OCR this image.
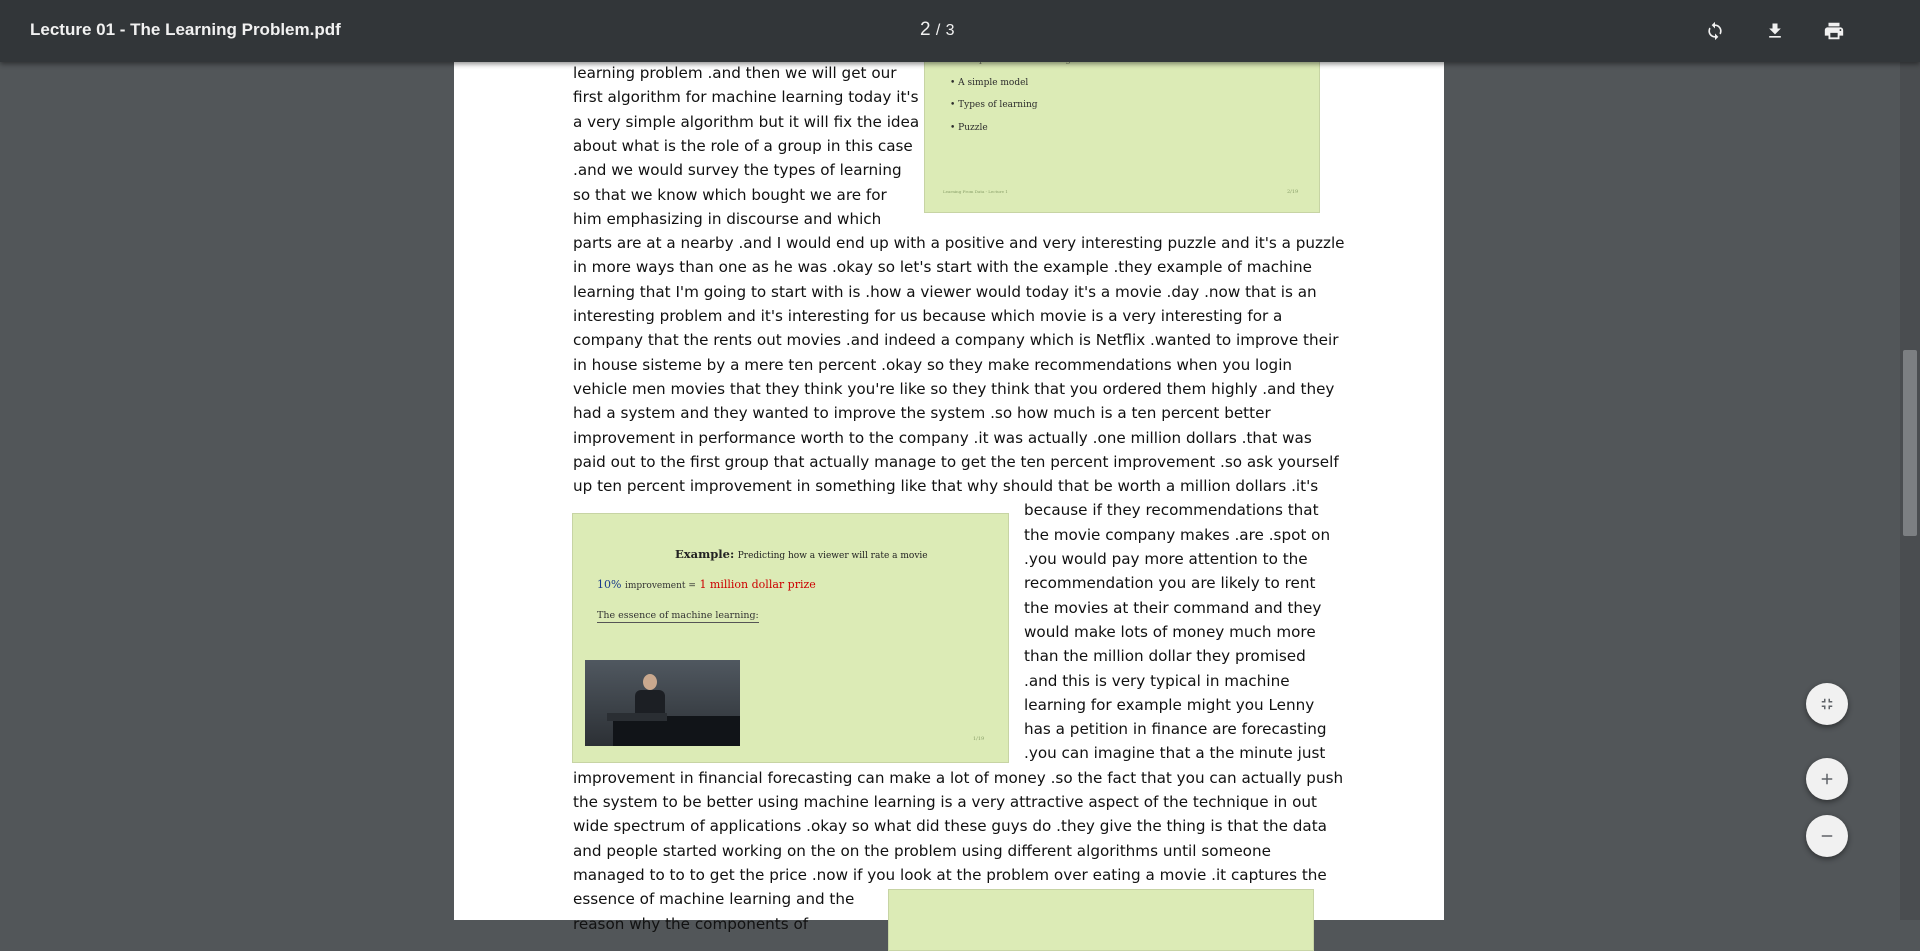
• A simple model
• Types of learning
• Puzzle
Learning From Data - Lecture 1	2/19
Example: Predicting how a viewer will rate a movie
10% improvement = 1 million dollar prize
The essence of machine learning:
1/19
learning problem .and then we will get our
first algorithm for machine learning today it's
a very simple algorithm but it will fix the idea
about what is the role of a group in this case
.and we would survey the types of learning
so that we know which bought we are for
him emphasizing in discourse and which
parts are at a nearby .and I would end up with a positive and very interesting puzzle and it's a puzzle
in more ways than one as he was .okay so let's start with the example .they example of machine
learning that I'm going to start with is .how a viewer would today it's a movie .day .now that is an
interesting problem and it's interesting for us because which movie is a very interesting for a
company that the rents out movies .and indeed a company which is Netflix .wanted to improve their
in house sisteme by a mere ten percent .okay so they make recommendations when you login
vehicle men movies that they think you're like so they think that you ordered them highly .and they
had a system and they wanted to improve the system .so how much is a ten percent better
improvement in performance worth to the company .it was actually .one million dollars .that was
paid out to the first group that actually manage to get the ten percent improvement .so ask yourself
up ten percent improvement in something like that why should that be worth a million dollars .it's
because if they recommendations that
the movie company makes .are .spot on
.you would pay more attention to the
recommendation you are likely to rent
the movies at their command and they
would make lots of money much more
than the million dollar they promised
.and this is very typical in machine
learning for example might you Lenny
has a petition in finance are forecasting
.you can imagine that a the minute just
improvement in financial forecasting can make a lot of money .so the fact that you can actually push
the system to be better using machine learning is a very attractive aspect of the technique in out
wide spectrum of applications .okay so what did these guys do .they give the thing is that the data
and people started working on the on the problem using different algorithms until someone
managed to to to get the price .now if you look at the problem over eating a movie .it captures the
essence of machine learning and the
reason why the components of
Lecture 01 - The Learning Problem.pdf	2 / 3
